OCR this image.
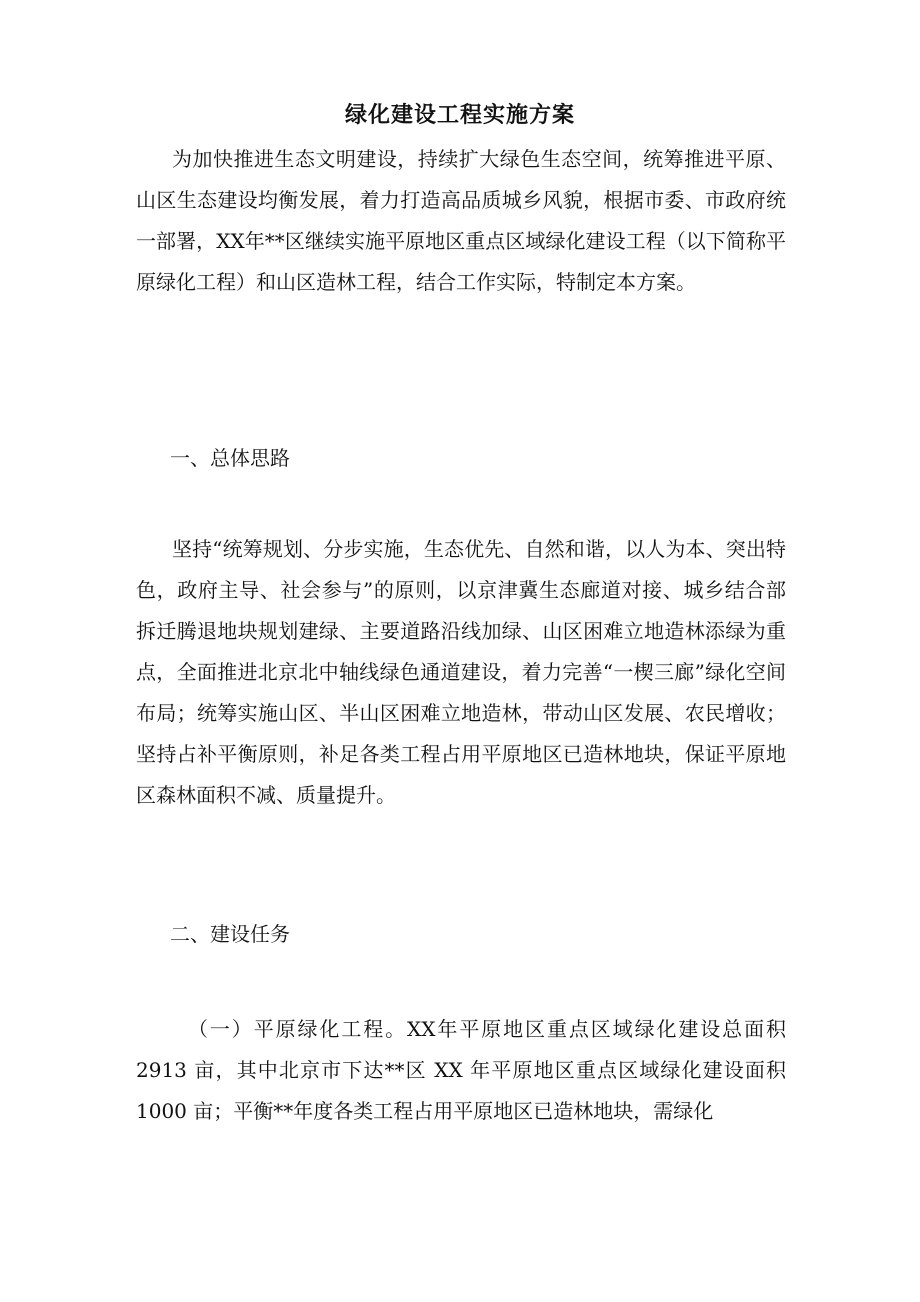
绿化建设工程实施方案

为加快推进生态文明建设，持续扩大绿色生态空间，统筹推进平原、山区生态建设均衡发展，着力打造高品质城乡风貌，根据市委、市政府统一部署，XX年**区继续实施平原地区重点区域绿化建设工程（以下简称平原绿化工程）和山区造林工程，结合工作实际，特制定本方案。

一、总体思路

坚持“统筹规划、分步实施，生态优先、自然和谐，以人为本、突出特色，政府主导、社会参与”的原则，以京津冀生态廊道对接、城乡结合部拆迁腾退地块规划建绿、主要道路沿线加绿、山区困难立地造林添绿为重点，全面推进北京北中轴线绿色通道建设，着力完善“一楔三廊”绿化空间布局；统筹实施山区、半山区困难立地造林，带动山区发展、农民增收；坚持占补平衡原则，补足各类工程占用平原地区已造林地块，保证平原地区森林面积不减、质量提升。

二、建设任务

（一）平原绿化工程。XX年平原地区重点区域绿化建设总面积 2913 亩，其中北京市下达**区 XX 年平原地区重点区域绿化建设面积 1000 亩；平衡**年度各类工程占用平原地区已造林地块，需绿化
